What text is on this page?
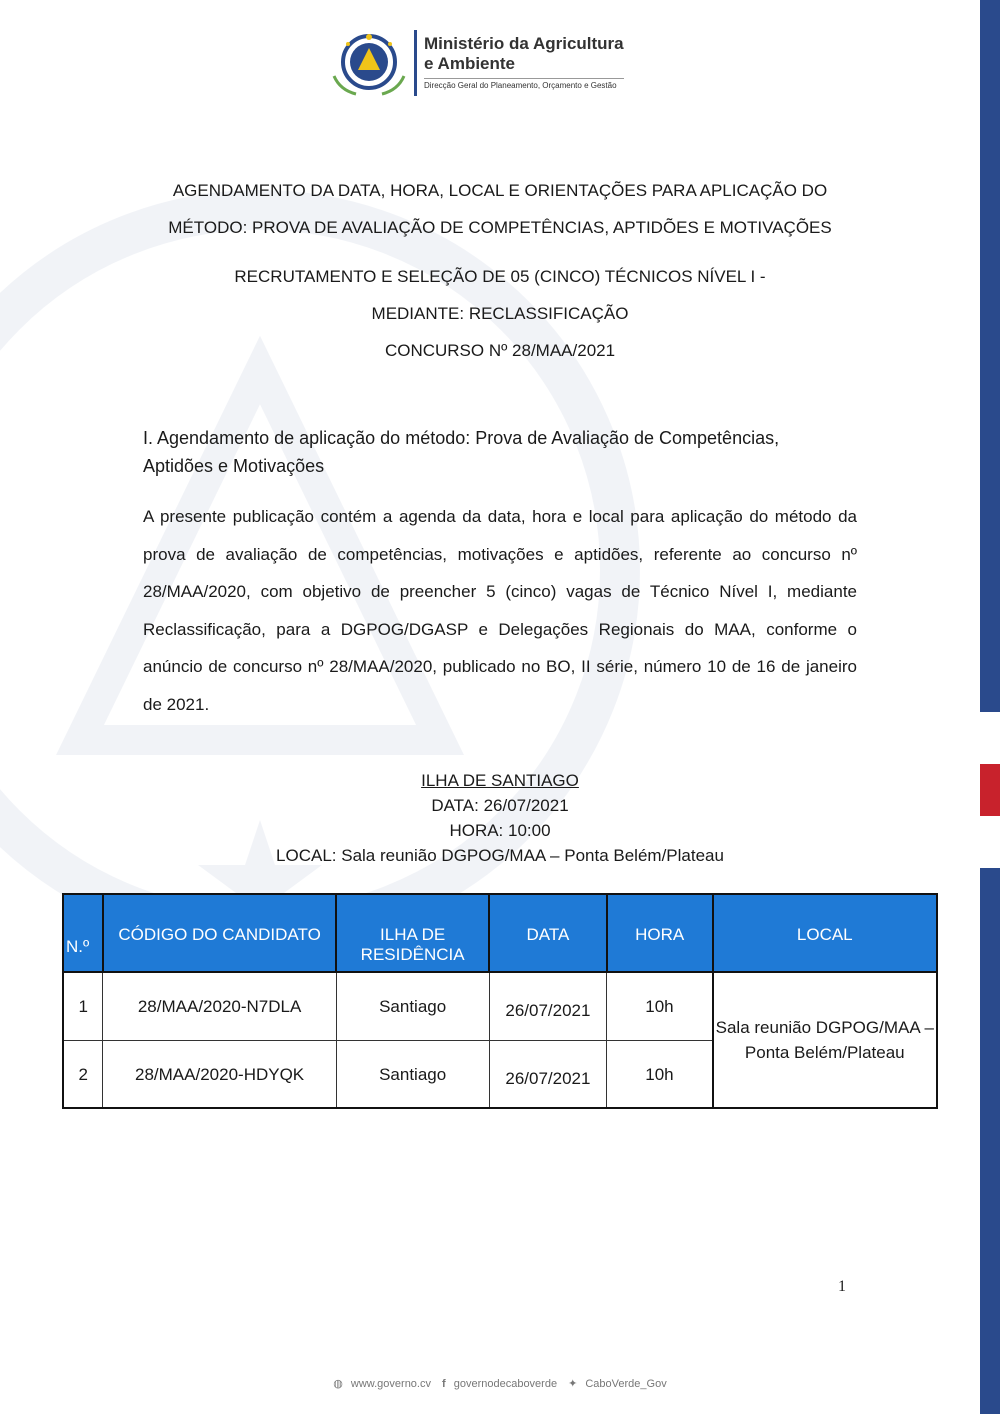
Ministério da Agricultura
e Ambiente
Direcção Geral do Planeamento, Orçamento e Gestão
AGENDAMENTO DA DATA, HORA, LOCAL E ORIENTAÇÕES PARA APLICAÇÃO DO
MÉTODO: PROVA DE AVALIAÇÃO DE COMPETÊNCIAS, APTIDÕES E MOTIVAÇÕES
RECRUTAMENTO E SELEÇÃO DE 05 (CINCO) TÉCNICOS NÍVEL I -
MEDIANTE: RECLASSIFICAÇÃO
CONCURSO Nº 28/MAA/2021
I. Agendamento de aplicação do método: Prova de Avaliação de Competências,
Aptidões e Motivações
A presente publicação contém a agenda da data, hora e local para aplicação do método da prova de avaliação de competências, motivações e aptidões, referente ao concurso nº 28/MAA/2020, com objetivo de preencher 5 (cinco) vagas de Técnico Nível I, mediante Reclassificação, para a DGPOG/DGASP e Delegações Regionais do MAA, conforme o anúncio de concurso nº 28/MAA/2020, publicado no BO, II série, número 10 de 16 de janeiro de 2021.
ILHA DE SANTIAGO
DATA: 26/07/2021
HORA: 10:00
LOCAL: Sala reunião DGPOG/MAA – Ponta Belém/Plateau
N.º	CÓDIGO DO CANDIDATO	ILHA DE RESIDÊNCIA	DATA	HORA	LOCAL
1	28/MAA/2020-N7DLA	Santiago	26/07/2021	10h	Sala reunião DGPOG/MAA – Ponta Belém/Plateau
2	28/MAA/2020-HDYQK	Santiago	26/07/2021	10h	
1
◍ www.governo.cv f governodecaboverde ✦ CaboVerde_Gov
